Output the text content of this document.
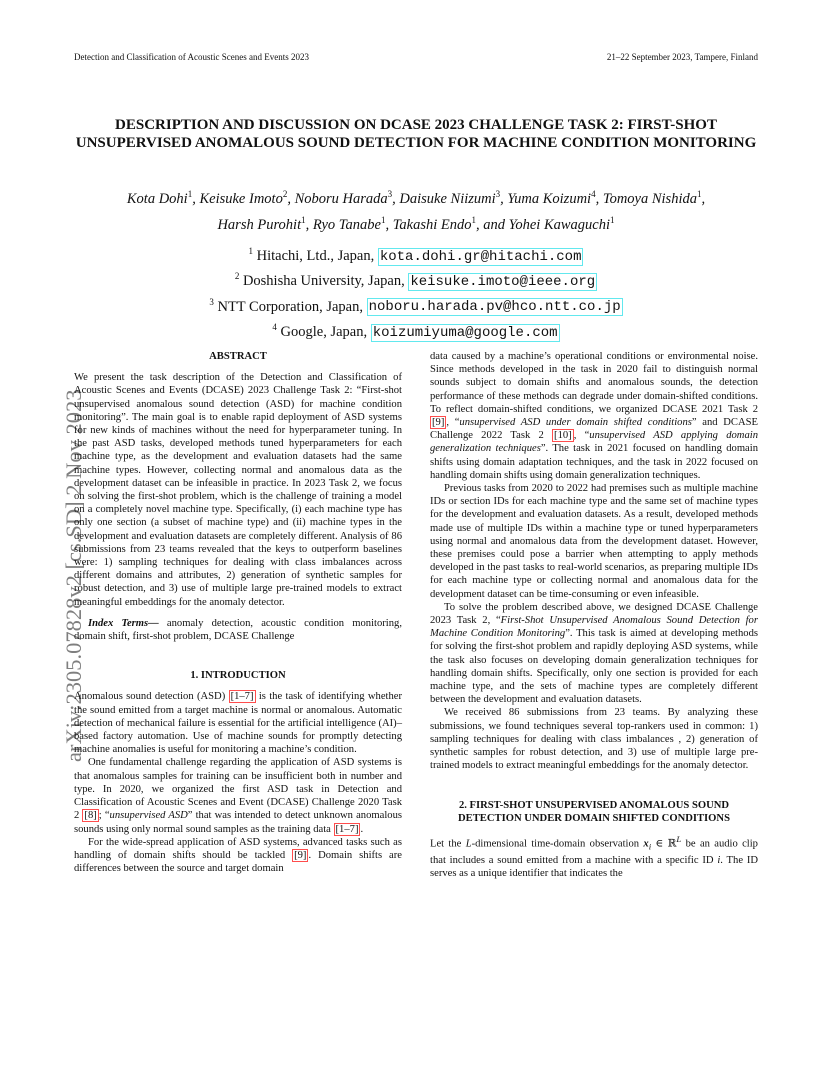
Detection and Classification of Acoustic Scenes and Events 2023	21–22 September 2023, Tampere, Finland
arXiv:2305.07828v2 [cs.SD] 2 Nov 2023
DESCRIPTION AND DISCUSSION ON DCASE 2023 CHALLENGE TASK 2: FIRST-SHOT UNSUPERVISED ANOMALOUS SOUND DETECTION FOR MACHINE CONDITION MONITORING
Kota Dohi$^1$, Keisuke Imoto$^2$, Noboru Harada$^3$, Daisuke Niizumi$^3$, Yuma Koizumi$^4$, Tomoya Nishida$^1$,
Harsh Purohit$^1$, Ryo Tanabe$^1$, Takashi Endo$^1$, and Yohei Kawaguchi$^1$
$^1$ Hitachi, Ltd., Japan, kota.dohi.gr@hitachi.com
$^2$ Doshisha University, Japan, keisuke.imoto@ieee.org
$^3$ NTT Corporation, Japan, noboru.harada.pv@hco.ntt.co.jp
$^4$ Google, Japan, koizumiyuma@google.com
ABSTRACT

We present the task description of the Detection and Classification of Acoustic Scenes and Events (DCASE) 2023 Challenge Task 2: “First-shot unsupervised anomalous sound detection (ASD) for machine condition monitoring”. The main goal is to enable rapid deployment of ASD systems for new kinds of machines without the need for hyperparameter tuning. In the past ASD tasks, developed methods tuned hyperparameters for each machine type, as the development and evaluation datasets had the same machine types. However, collecting normal and anomalous data as the development dataset can be infeasible in practice. In 2023 Task 2, we focus on solving the first-shot problem, which is the challenge of training a model on a completely novel machine type. Specifically, (i) each machine type has only one section (a subset of machine type) and (ii) machine types in the development and evaluation datasets are completely different. Analysis of 86 submissions from 23 teams revealed that the keys to outperform baselines were: 1) sampling techniques for dealing with class imbalances across different domains and attributes, 2) generation of synthetic samples for robust detection, and 3) use of multiple large pre-trained models to extract meaningful embeddings for the anomaly detector.

Index Terms— anomaly detection, acoustic condition monitoring, domain shift, first-shot problem, DCASE Challenge

1. INTRODUCTION

Anomalous sound detection (ASD) [1–7] is the task of identifying whether the sound emitted from a target machine is normal or anomalous. Automatic detection of mechanical failure is essential for the artificial intelligence (AI)–based factory automation. Use of machine sounds for promptly detecting machine anomalies is useful for monitoring a machine’s condition.

One fundamental challenge regarding the application of ASD systems is that anomalous samples for training can be insufficient both in number and type. In 2020, we organized the first ASD task in Detection and Classification of Acoustic Scenes and Event (DCASE) Challenge 2020 Task 2 [8] ; “unsupervised ASD” that was intended to detect unknown anomalous sounds using only normal sound samples as the training data [1–7] .

For the wide-spread application of ASD systems, advanced tasks such as handling of domain shifts should be tackled [9] . Domain shifts are differences between the source and target domain

data caused by a machine’s operational conditions or environmental noise. Since methods developed in the task in 2020 fail to distinguish normal sounds subject to domain shifts and anomalous sounds, the detection performance of these methods can degrade under domain-shifted conditions. To reflect domain-shifted conditions, we organized DCASE 2021 Task 2 [9] , “unsupervised ASD under domain shifted conditions” and DCASE Challenge 2022 Task 2 [10] , “unsupervised ASD applying domain generalization techniques”. The task in 2021 focused on handling domain shifts using domain adaptation techniques, and the task in 2022 focused on handling domain shifts using domain generalization techniques.

Previous tasks from 2020 to 2022 had premises such as multiple machine IDs or section IDs for each machine type and the same set of machine types for the development and evaluation datasets. As a result, developed methods made use of multiple IDs within a machine type or tuned hyperparameters using normal and anomalous data from the development dataset. However, these premises could pose a barrier when attempting to apply methods developed in the past tasks to real-world scenarios, as preparing multiple IDs for each machine type or collecting normal and anomalous data for the development dataset can be time-consuming or even infeasible.

To solve the problem described above, we designed DCASE Challenge 2023 Task 2, “First-Shot Unsupervised Anomalous Sound Detection for Machine Condition Monitoring”. This task is aimed at developing methods for solving the first-shot problem and rapidly deploying ASD systems, while the task also focuses on developing domain generalization techniques for handling domain shifts. Specifically, only one section is provided for each machine type, and the sets of machine types are completely different between the development and evaluation datasets.

We received 86 submissions from 23 teams. By analyzing these submissions, we found techniques several top-rankers used in common: 1) sampling techniques for dealing with class imbalances , 2) generation of synthetic samples for robust detection, and 3) use of multiple large pre-trained models to extract meaningful embeddings for the anomaly detector.

2. FIRST-SHOT UNSUPERVISED ANOMALOUS SOUND DETECTION UNDER DOMAIN SHIFTED CONDITIONS

Let the L-dimensional time-domain observation $x_i$ ∈ ℝ$^L$ be an audio clip that includes a sound emitted from a machine with a specific ID i. The ID serves as a unique identifier that indicates the
